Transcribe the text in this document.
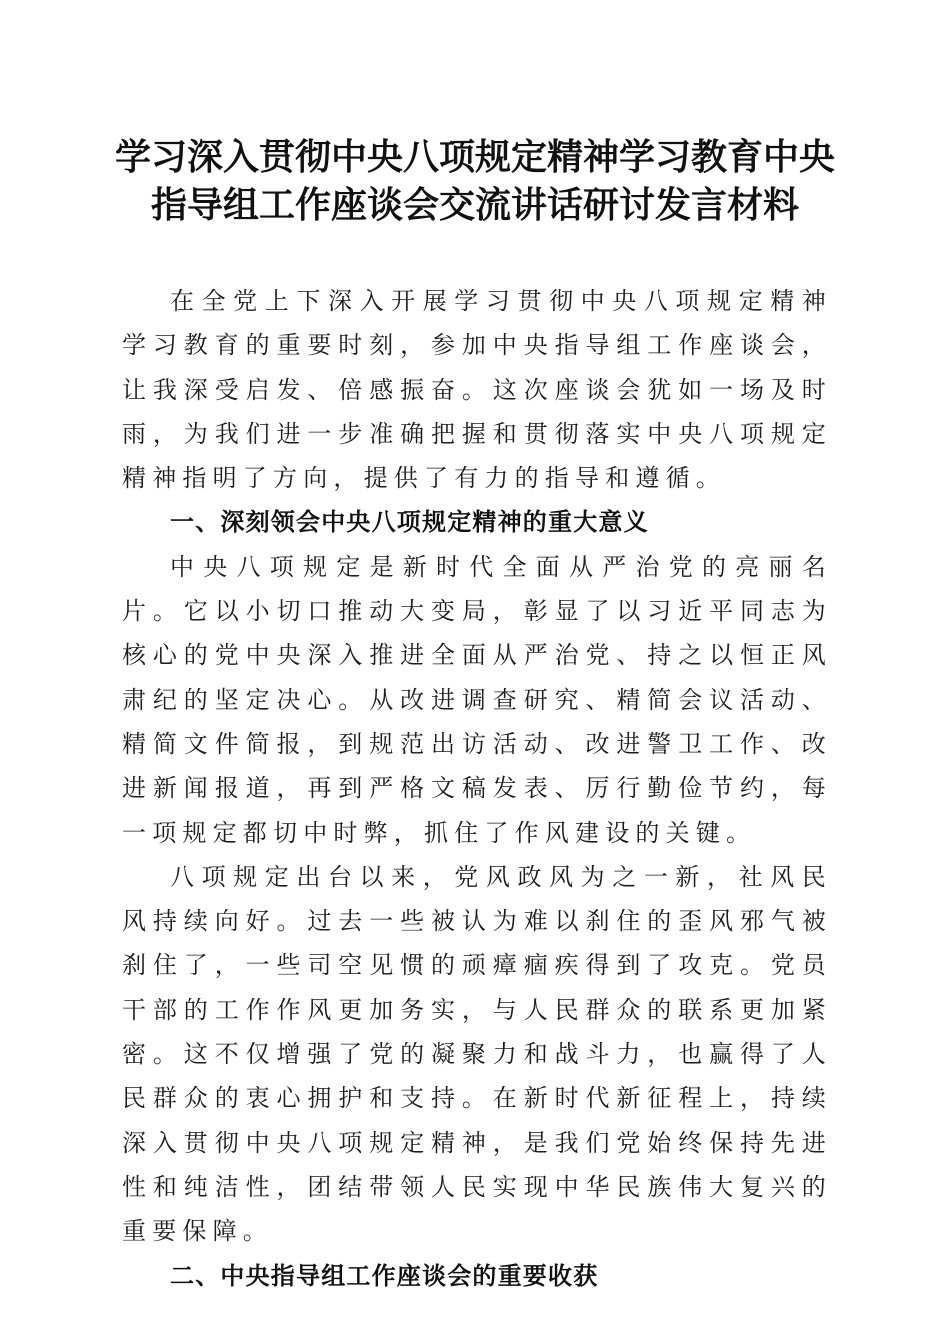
学习深入贯彻中央八项规定精神学习教育中央
指导组工作座谈会交流讲话研讨发言材料

在全党上下深入开展学习贯彻中央八项规定精神学习教育的重要时刻，参加中央指导组工作座谈会，让我深受启发、倍感振奋。这次座谈会犹如一场及时雨，为我们进一步准确把握和贯彻落实中央八项规定精神指明了方向，提供了有力的指导和遵循。

一、深刻领会中央八项规定精神的重大意义

中央八项规定是新时代全面从严治党的亮丽名片。它以小切口推动大变局，彰显了以习近平同志为核心的党中央深入推进全面从严治党、持之以恒正风肃纪的坚定决心。从改进调查研究、精简会议活动、精简文件简报，到规范出访活动、改进警卫工作、改进新闻报道，再到严格文稿发表、厉行勤俭节约，每一项规定都切中时弊，抓住了作风建设的关键。

八项规定出台以来，党风政风为之一新，社风民风持续向好。过去一些被认为难以刹住的歪风邪气被刹住了，一些司空见惯的顽瘴痼疾得到了攻克。党员干部的工作作风更加务实，与人民群众的联系更加紧密。这不仅增强了党的凝聚力和战斗力，也赢得了人民群众的衷心拥护和支持。在新时代新征程上，持续深入贯彻中央八项规定精神，是我们党始终保持先进性和纯洁性，团结带领人民实现中华民族伟大复兴的重要保障。

二、中央指导组工作座谈会的重要收获
